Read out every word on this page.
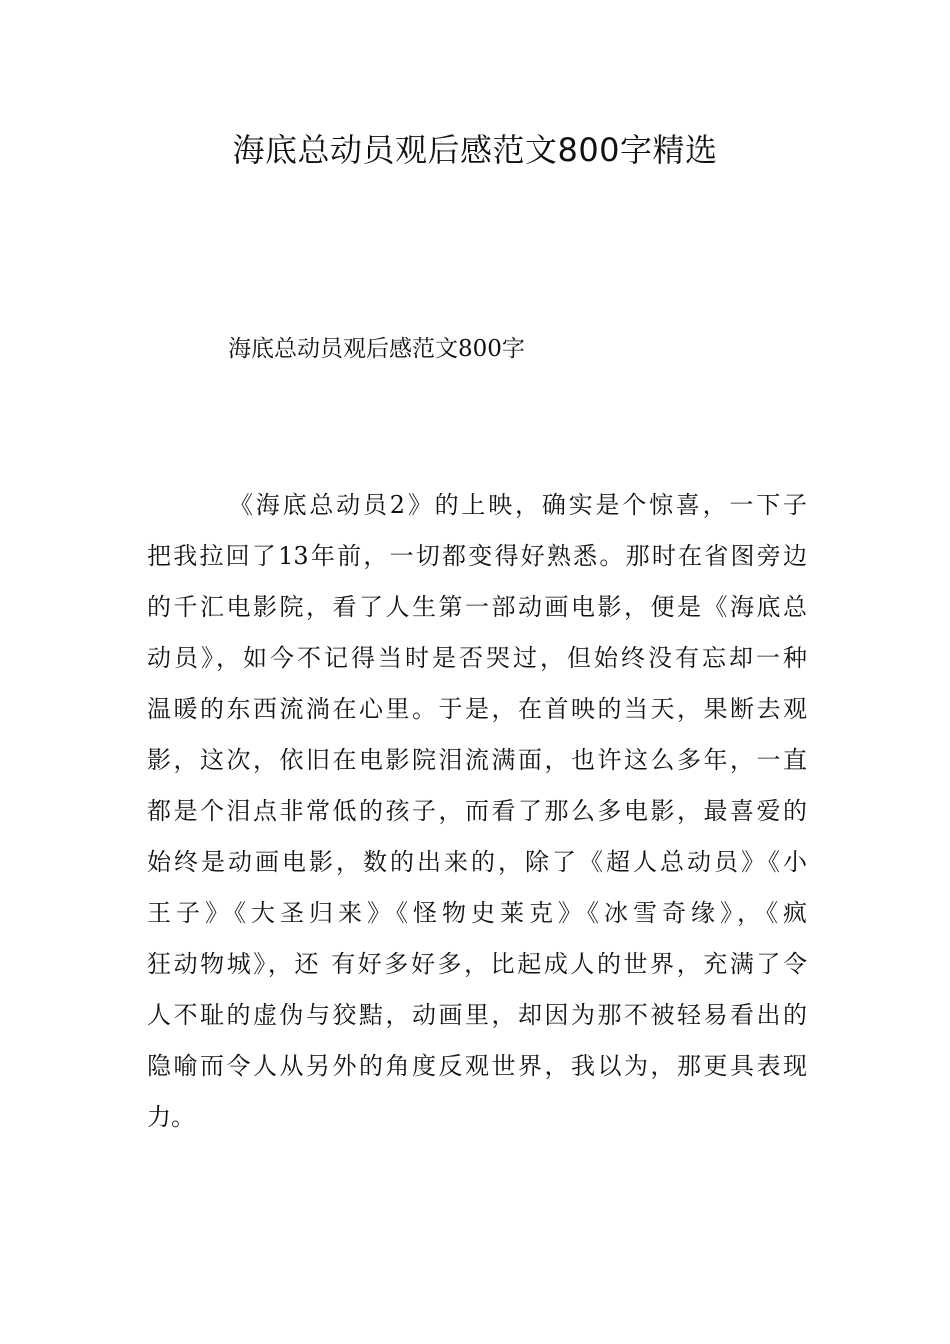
海底总动员观后感范文800字精选

海底总动员观后感范文800字

《海底总动员2》的上映，确实是个惊喜，一下子
把我拉回了13年前，一切都变得好熟悉。那时在省图旁边
的千汇电影院，看了人生第一部动画电影，便是《海底总
动员》，如今不记得当时是否哭过，但始终没有忘却一种
温暖的东西流淌在心里。于是，在首映的当天，果断去观
影，这次，依旧在电影院泪流满面，也许这么多年，一直
都是个泪点非常低的孩子，而看了那么多电影，最喜爱的
始终是动画电影，数的出来的，除了《超人总动员》《小
王子》《大圣归来》《怪物史莱克》《冰雪奇缘》，《疯
狂动物城》，还 有好多好多，比起成人的世界，充满了令
人不耻的虚伪与狡黠，动画里，却因为那不被轻易看出的
隐喻而令人从另外的角度反观世界，我以为，那更具表现
力。
